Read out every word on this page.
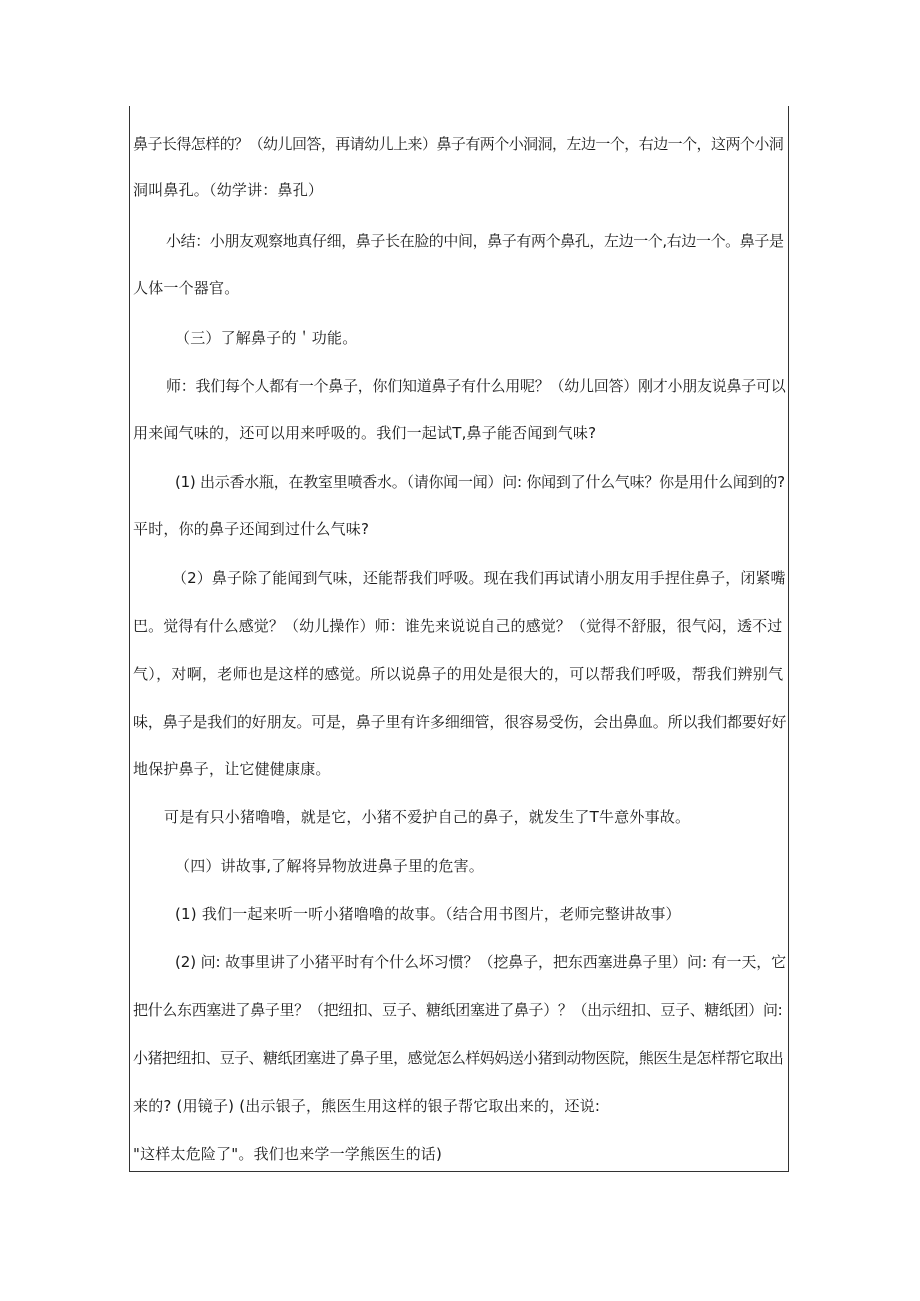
鼻子长得怎样的？（幼儿回答，再请幼儿上来）鼻子有两个小洞洞，左边一个，右边一个，这两个小洞
洞叫鼻孔。（幼学讲：鼻孔）
小结：小朋友观察地真仔细，鼻子长在脸的中间，鼻子有两个鼻孔，左边一个,右边一个。鼻子是
人体一个器官。
（三）了解鼻子的＇功能。
师：我们每个人都有一个鼻子，你们知道鼻子有什么用呢？（幼儿回答）刚才小朋友说鼻子可以
用来闻气味的，还可以用来呼吸的。我们一起试T,鼻子能否闻到气味?
(1) 出示香水瓶，在教室里喷香水。（请你闻一闻）问: 你闻到了什么气味？你是用什么闻到的?
平时，你的鼻子还闻到过什么气味?
（2）鼻子除了能闻到气味，还能帮我们呼吸。现在我们再试请小朋友用手捏住鼻子，闭紧嘴
巴。觉得有什么感觉？（幼儿操作）师：谁先来说说自己的感觉？（觉得不舒服，很气闷，透不过
气），对啊，老师也是这样的感觉。所以说鼻子的用处是很大的，可以帮我们呼吸，帮我们辨别气
味，鼻子是我们的好朋友。可是，鼻子里有许多细细管，很容易受伤，会出鼻血。所以我们都要好好
地保护鼻子，让它健健康康。
可是有只小猪噜噜，就是它，小猪不爱护自己的鼻子，就发生了T牛意外事故。
（四）讲故事,了解将异物放进鼻子里的危害。
(1) 我们一起来听一听小猪噜噜的故事。（结合用书图片，老师完整讲故事）
(2) 问: 故事里讲了小猪平时有个什么坏习惯？（挖鼻子，把东西塞进鼻子里）问: 有一天，它
把什么东西塞进了鼻子里？（把纽扣、豆子、糖纸团塞进了鼻子）？（出示纽扣、豆子、糖纸团）问:
小猪把纽扣、豆子、糖纸团塞进了鼻子里，感觉怎么样妈妈送小猪到动物医院，熊医生是怎样帮它取出
来的? (用镜子) (出示银子，熊医生用这样的银子帮它取出来的，还说:
"这样太危险了"。我们也来学一学熊医生的话)
